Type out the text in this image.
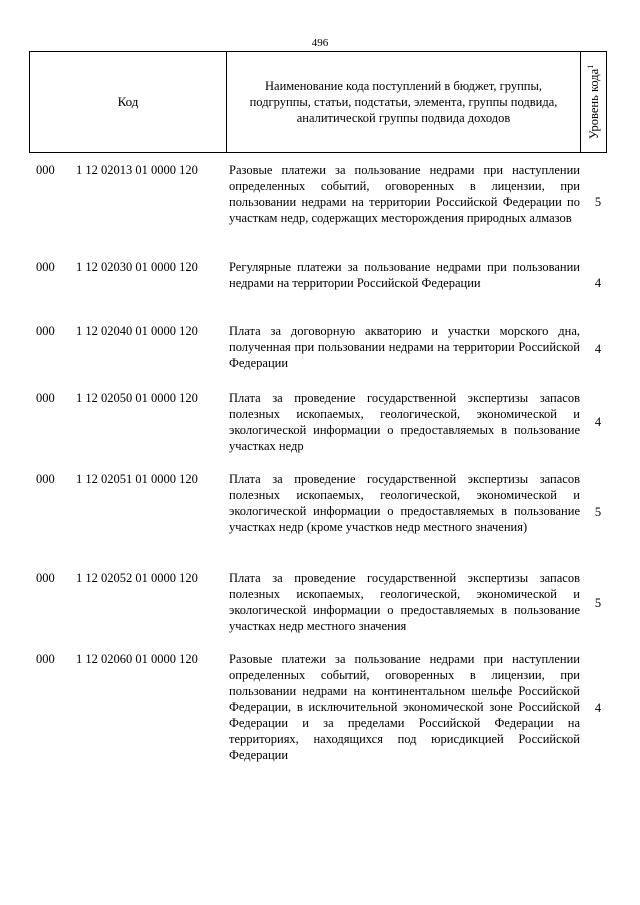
496
Код
Наименование кода поступлений в бюджет, группы, подгруппы, статьи, подстатьи, элемента, группы подвида, аналитической группы подвида доходов	Уровень кода$^1$
000 1 12 02013 01 0000 120 Разовые платежи за пользование недрами при наступлении определенных событий, оговоренных в лицензии, при пользовании недрами на территории Российской Федерации по участкам недр, содержащих месторождения природных алмазов
5
000 1 12 02030 01 0000 120 Регулярные платежи за пользование недрами при пользовании недрами на территории Российской Федерации	4
000 1 12 02040 01 0000 120 Плата за договорную акваторию и участки морского дна, полученная при пользовании недрами на территории Российской Федерации
4
000 1 12 02050 01 0000 120 Плата за проведение государственной экспертизы запасов полезных ископаемых, геологической, экономической и экологической информации о предоставляемых в пользование участках недр
4
000 1 12 02051 01 0000 120 Плата за проведение государственной экспертизы запасов полезных ископаемых, геологической, экономической и экологической информации о предоставляемых в пользование участках недр (кроме участков недр местного значения)
5
000 1 12 02052 01 0000 120 Плата за проведение государственной экспертизы запасов полезных ископаемых, геологической, экономической и экологической информации о предоставляемых в пользование участках недр местного значения
5
000 1 12 02060 01 0000 120 Разовые платежи за пользование недрами при наступлении определенных событий, оговоренных в лицензии, при пользовании недрами на континентальном шельфе Российской Федерации, в исключительной экономической зоне Российской Федерации и за пределами Российской Федерации на территориях, находящихся под юрисдикцией Российской Федерации
4
